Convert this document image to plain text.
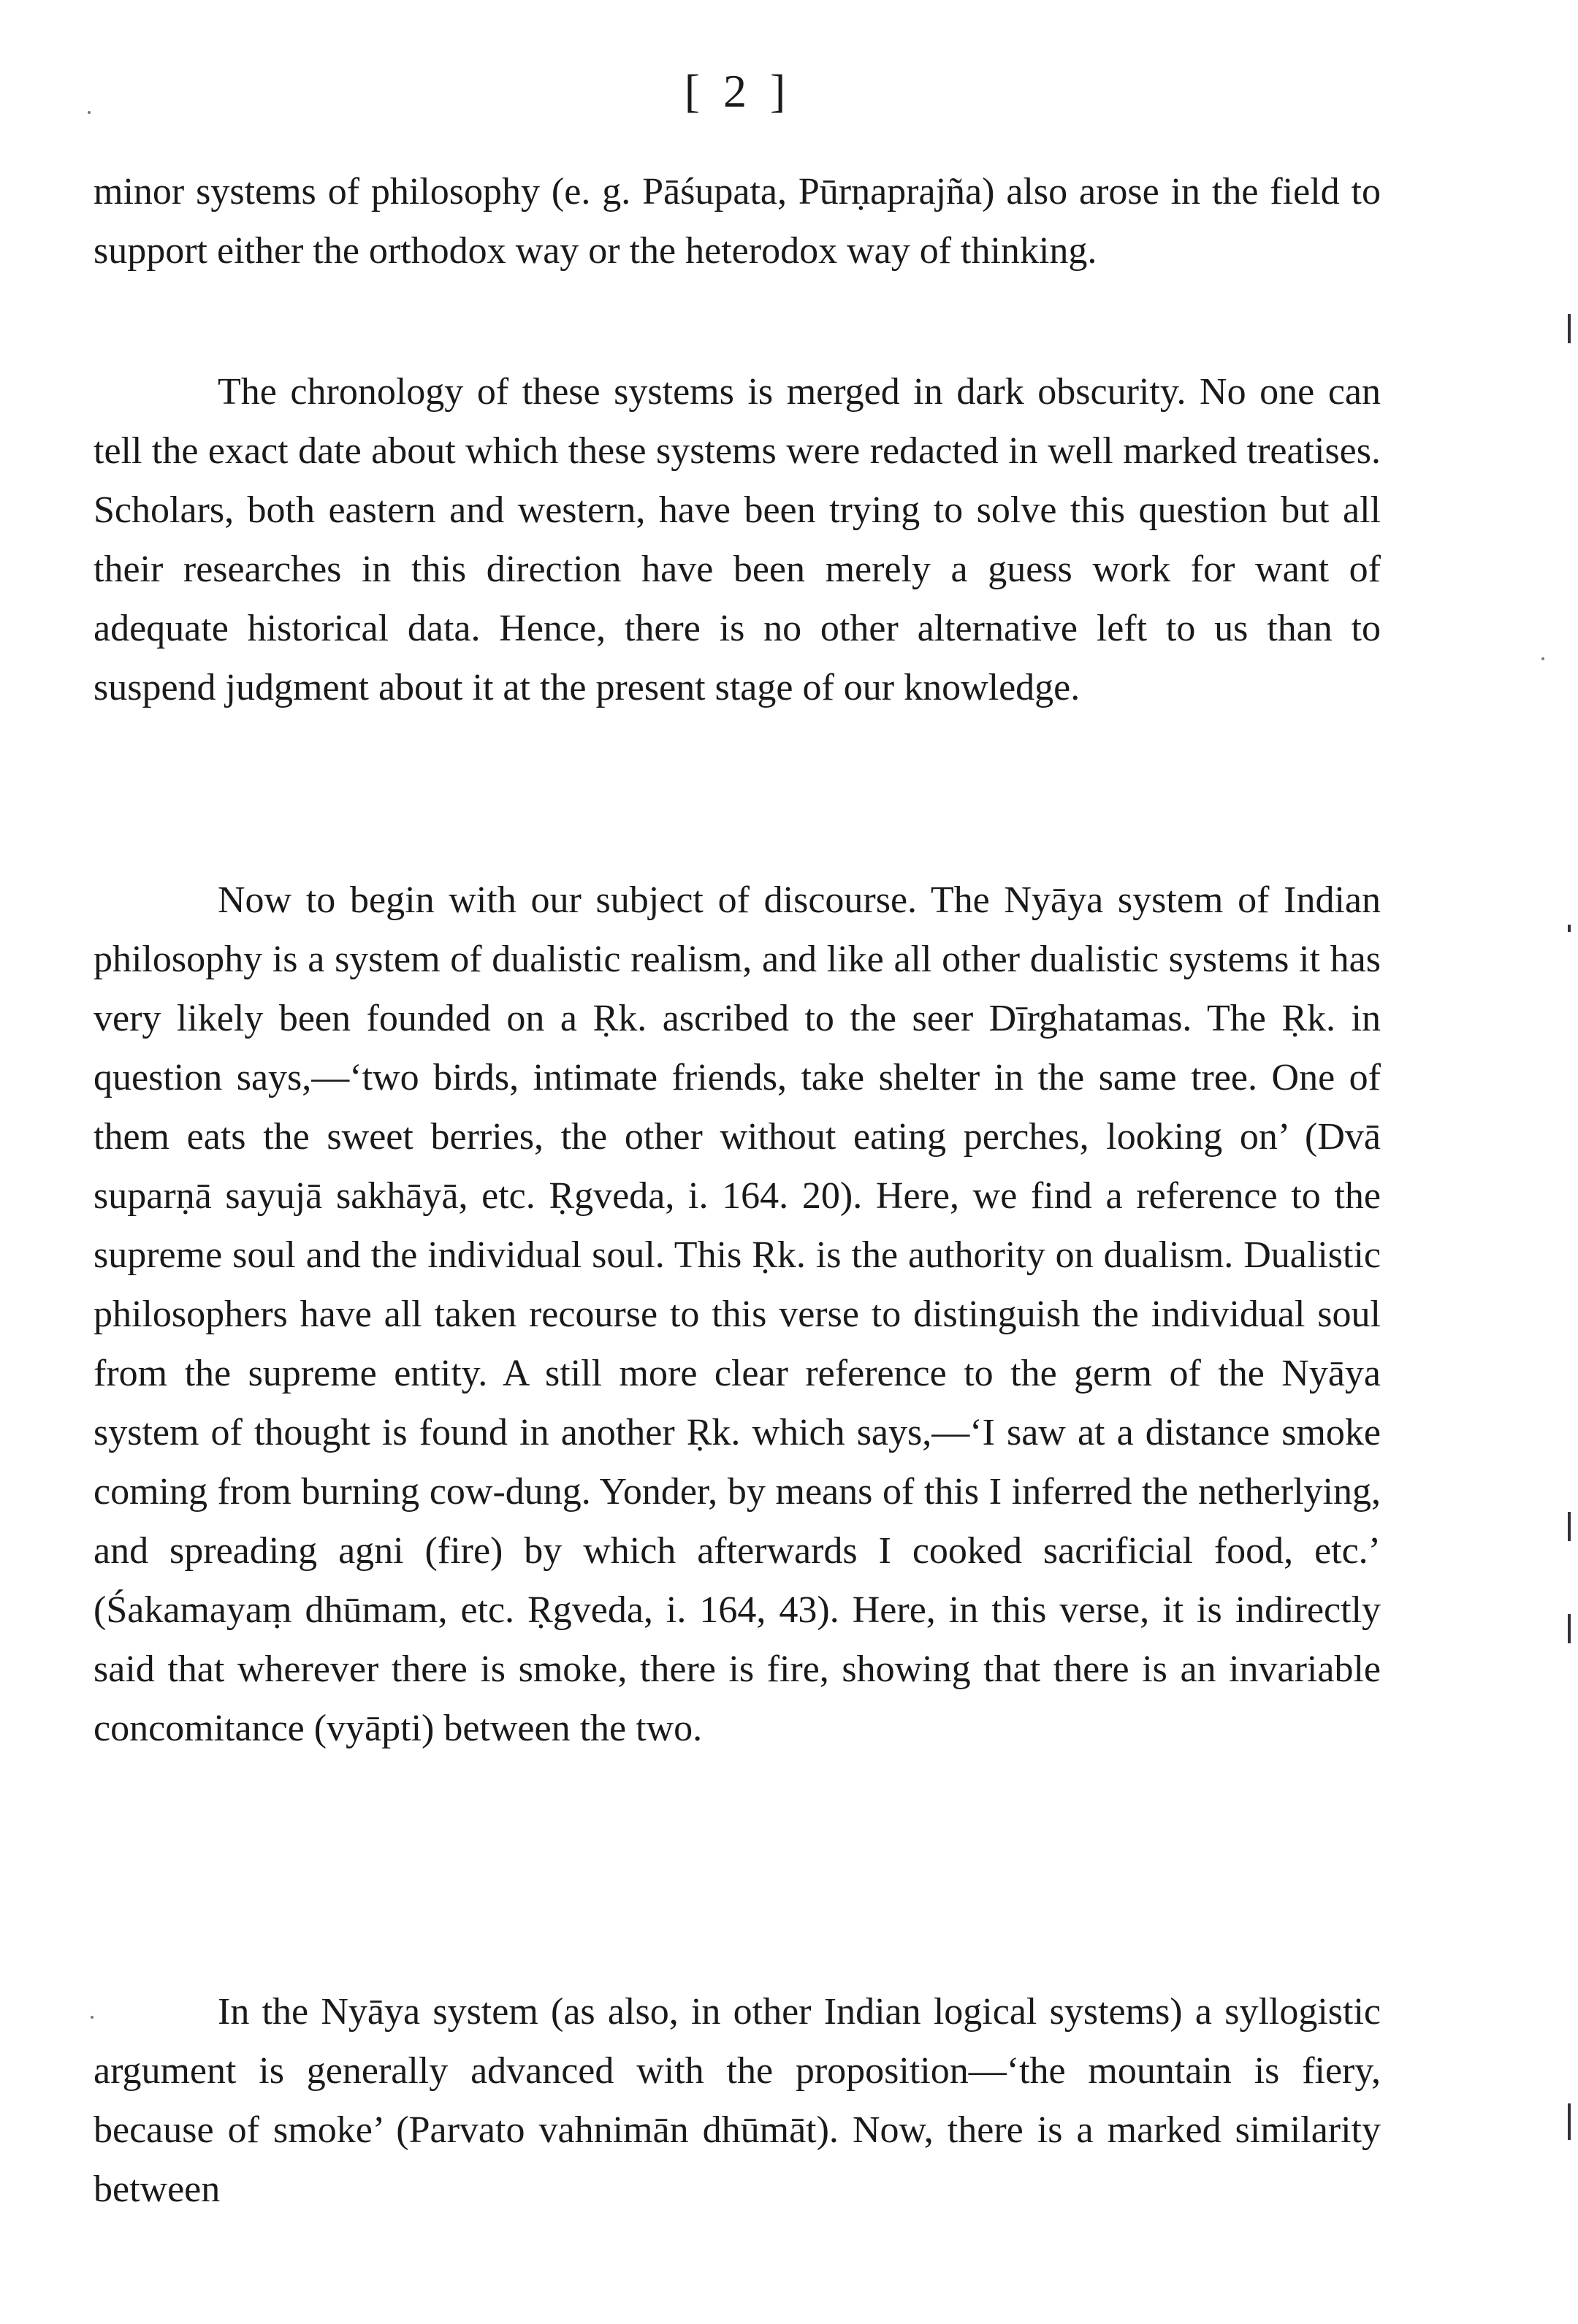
[ 2 ]
minor systems of philosophy (e. g. Pāśupata, Pūrṇaprajña) also arose in the field to support either the orthodox way or the heterodox way of thinking.
The chronology of these systems is merged in dark obscurity. No one can tell the exact date about which these systems were redacted in well marked treatises. Scholars, both eastern and western, have been trying to solve this question but all their researches in this direction have been merely a guess work for want of adequate historical data. Hence, there is no other alternative left to us than to suspend judgment about it at the present stage of our knowledge.
Now to begin with our subject of discourse. The Nyāya system of Indian philosophy is a system of dualistic realism, and like all other dualistic systems it has very likely been founded on a Ṛk. ascribed to the seer Dīrghatamas. The Ṛk. in question says,—‘two birds, intimate friends, take shelter in the same tree. One of them eats the sweet berries, the other without eating perches, looking on’ (Dvā suparṇā sayujā sakhāyā, etc. Ṛgveda, i. 164. 20). Here, we find a reference to the supreme soul and the individual soul. This Ṛk. is the authority on dualism. Dualistic philosophers have all taken recourse to this verse to distinguish the individual soul from the supreme entity. A still more clear reference to the germ of the Nyāya system of thought is found in another Ṛk. which says,—‘I saw at a distance smoke coming from burning cow-dung. Yonder, by means of this I inferred the netherlying, and spreading agni (fire) by which afterwards I cooked sacrificial food, etc.’ (Śakamayaṃ dhūmam, etc. Ṛgveda, i. 164, 43). Here, in this verse, it is indirectly said that wherever there is smoke, there is fire, showing that there is an invariable concomitance (vyāpti) between the two.
In the Nyāya system (as also, in other Indian logical systems) a syllogistic argument is generally advanced with the proposition—‘the mountain is fiery, because of smoke’ (Parvato vahnimān dhūmāt). Now, there is a marked similarity between
